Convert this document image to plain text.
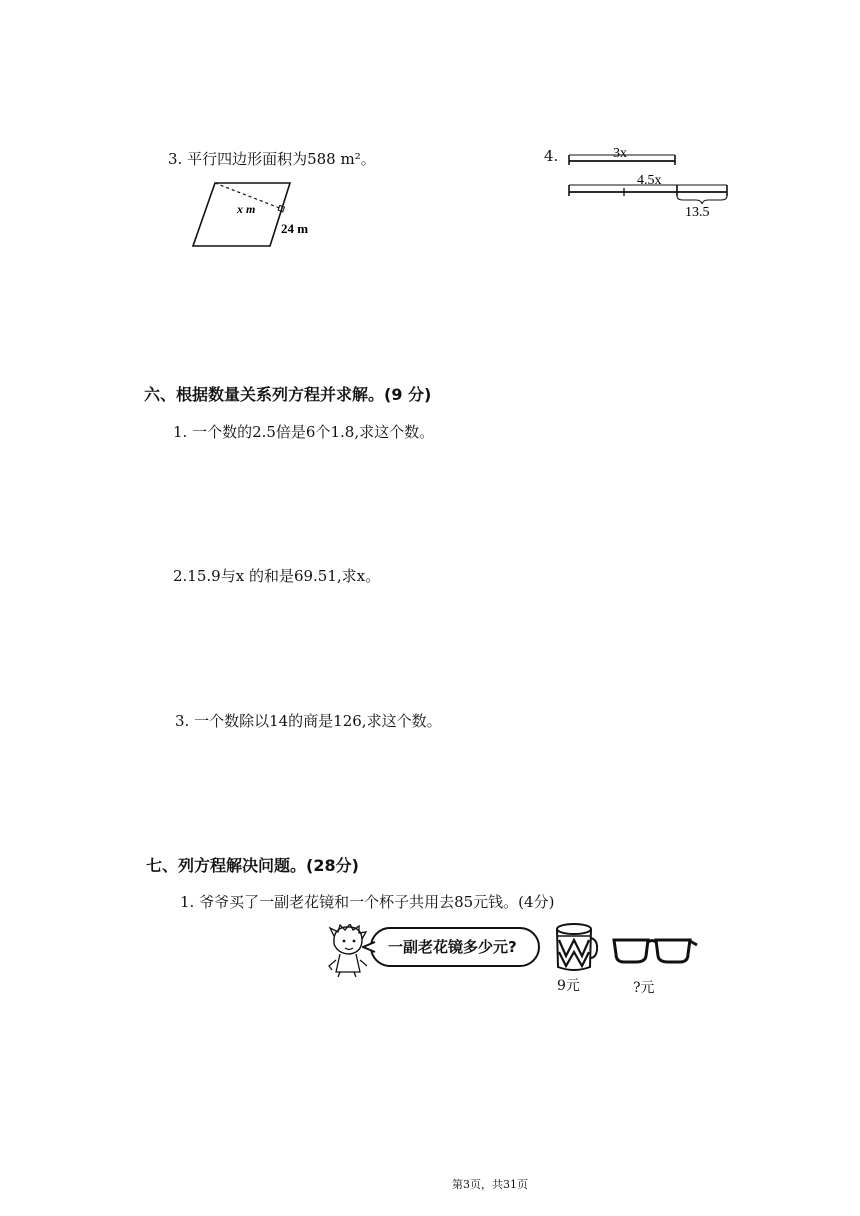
3. 平行四边形面积为588 m²。
x m
24 m
4.	3x
4.5x
13.5
六、根据数量关系列方程并求解。(9 分)
1. 一个数的2.5倍是6个1.8,求这个数。
2.15.9与x 的和是69.51,求x。
3. 一个数除以14的商是126,求这个数。
七、列方程解决问题。(28分)
1. 爷爷买了一副老花镜和一个杯子共用去85元钱。(4分)
一副老花镜多少元?
9元	?元
第3页，共31页
